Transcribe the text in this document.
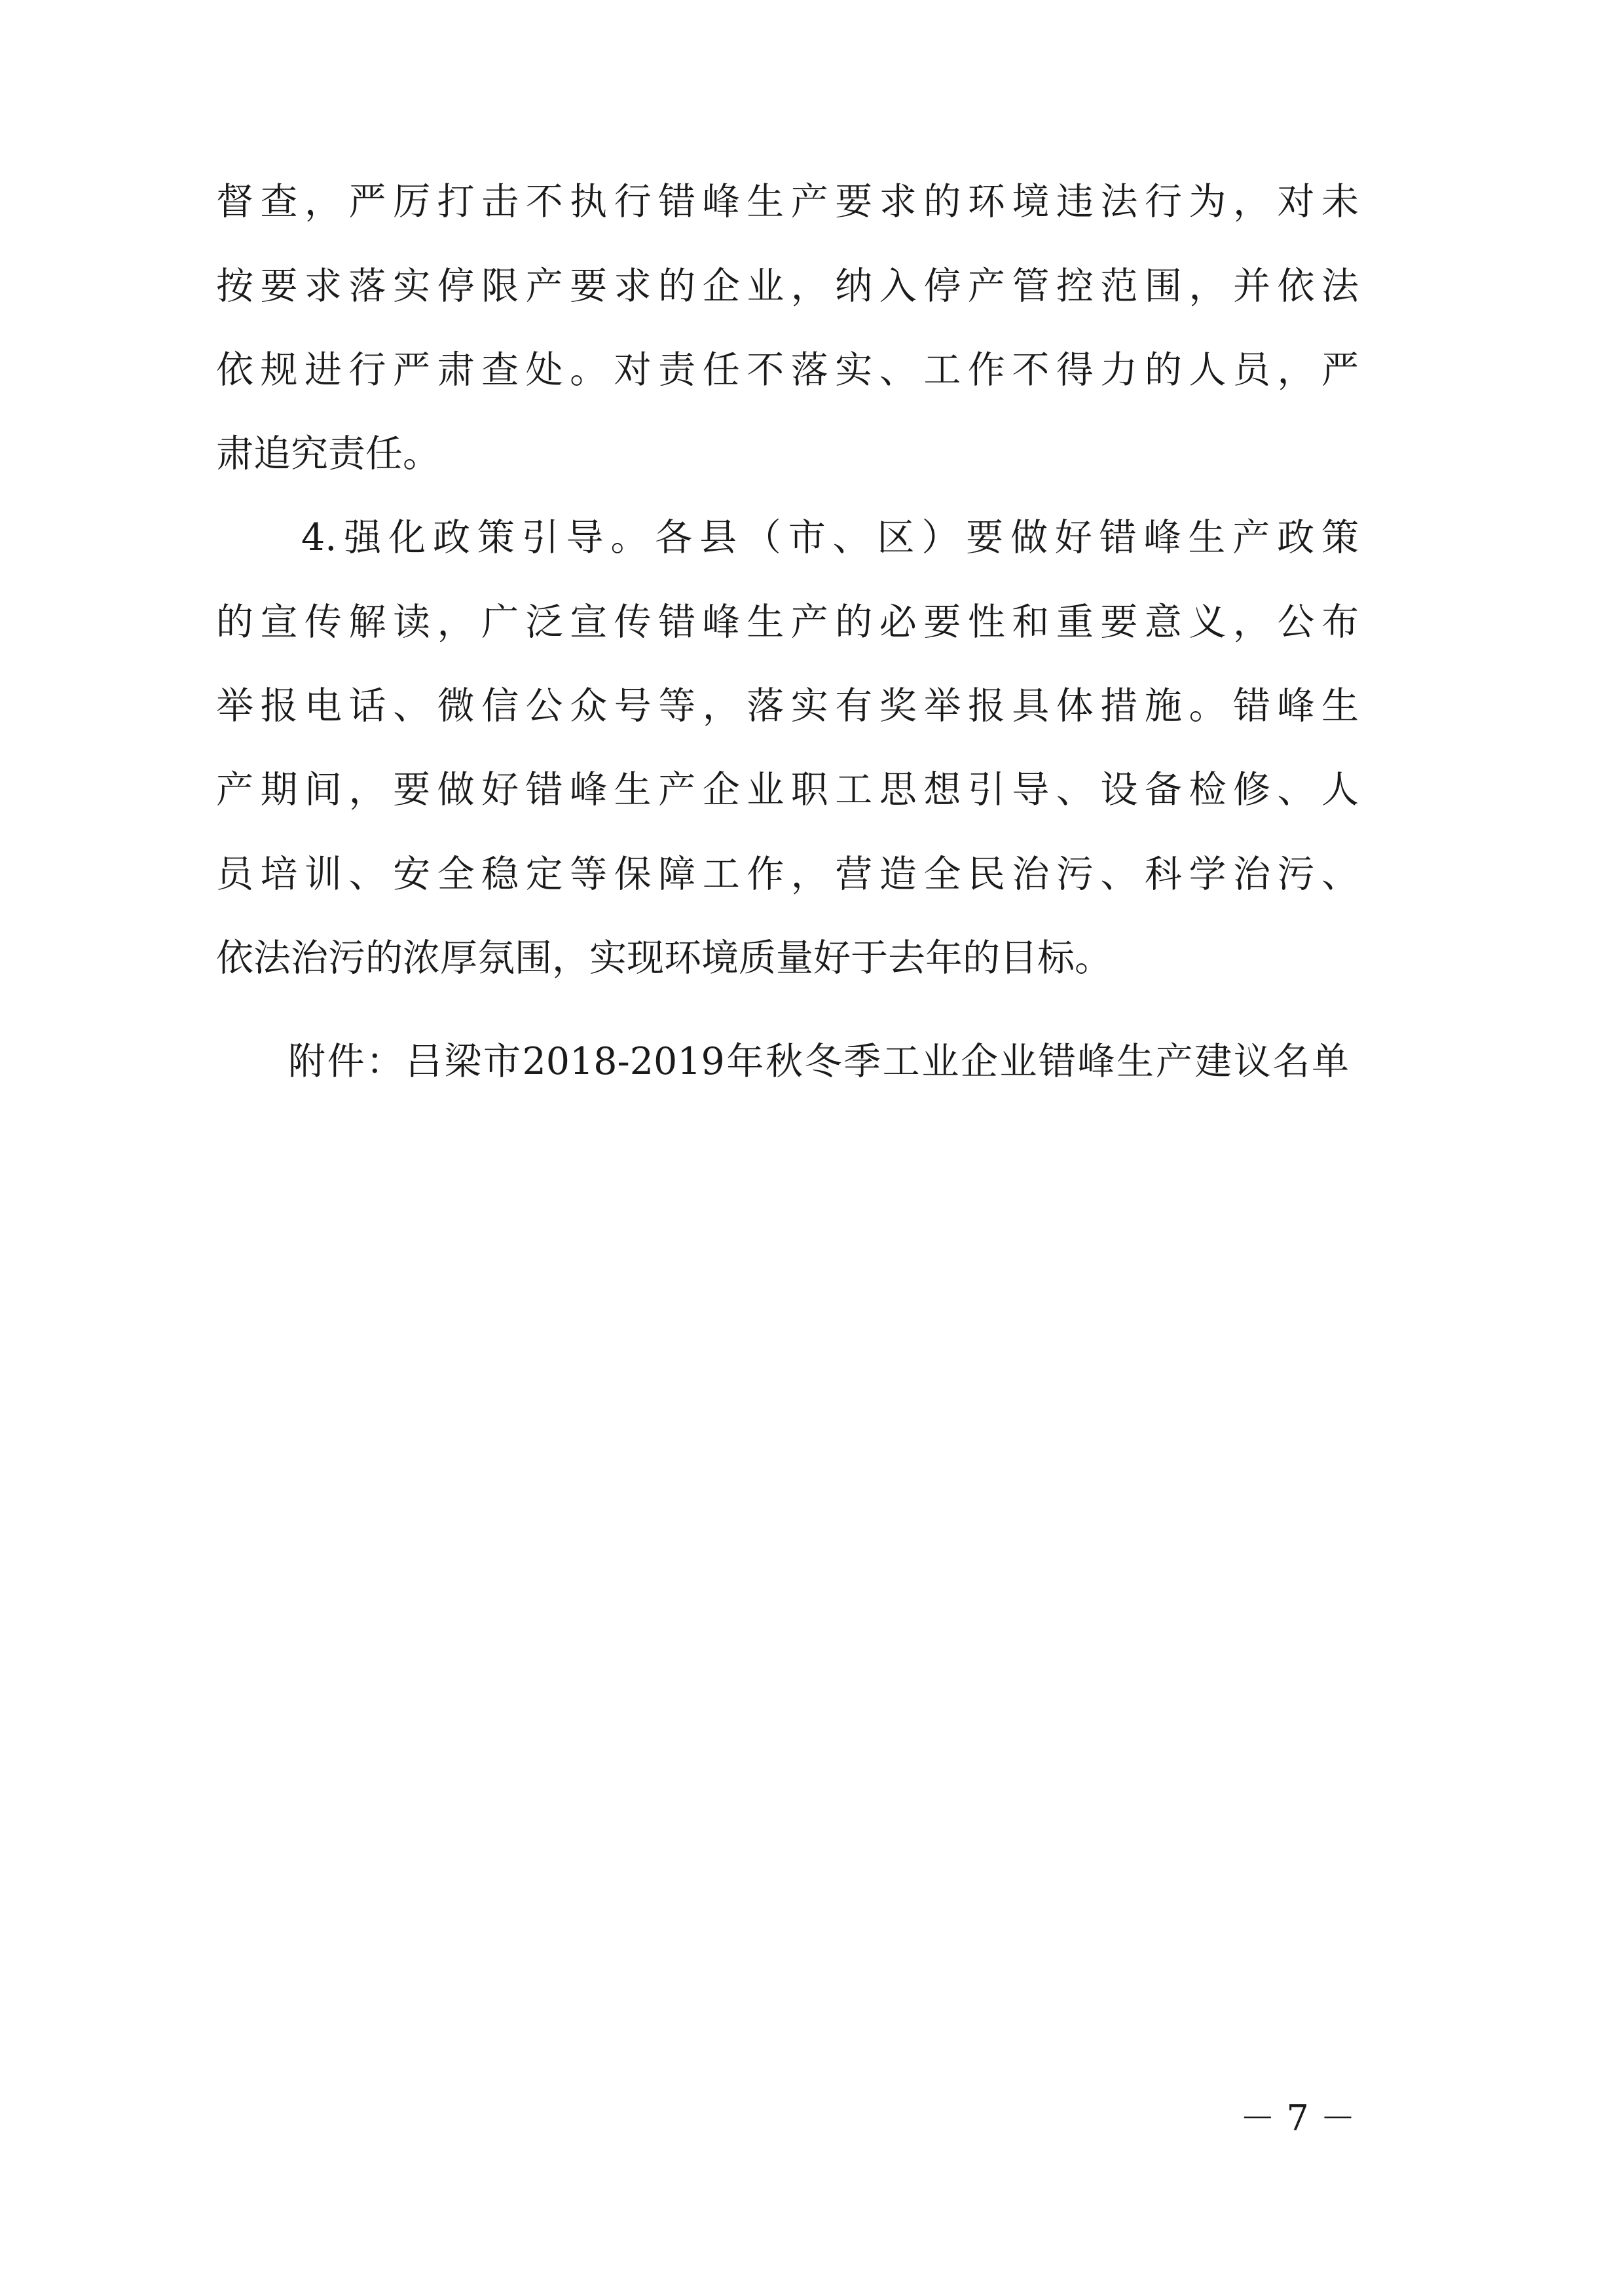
督查，严厉打击不执行错峰生产要求的环境违法行为，对未
按要求落实停限产要求的企业，纳入停产管控范围，并依法
依规进行严肃查处。对责任不落实、工作不得力的人员，严
肃追究责任。
4.强化政策引导。各县（市、区）要做好错峰生产政策
的宣传解读，广泛宣传错峰生产的必要性和重要意义，公布
举报电话、微信公众号等，落实有奖举报具体措施。错峰生
产期间，要做好错峰生产企业职工思想引导、设备检修、人
员培训、安全稳定等保障工作，营造全民治污、科学治污、
依法治污的浓厚氛围，实现环境质量好于去年的目标。
附件：吕梁市2018-2019年秋冬季工业企业错峰生产建议名单
－ 7 －
